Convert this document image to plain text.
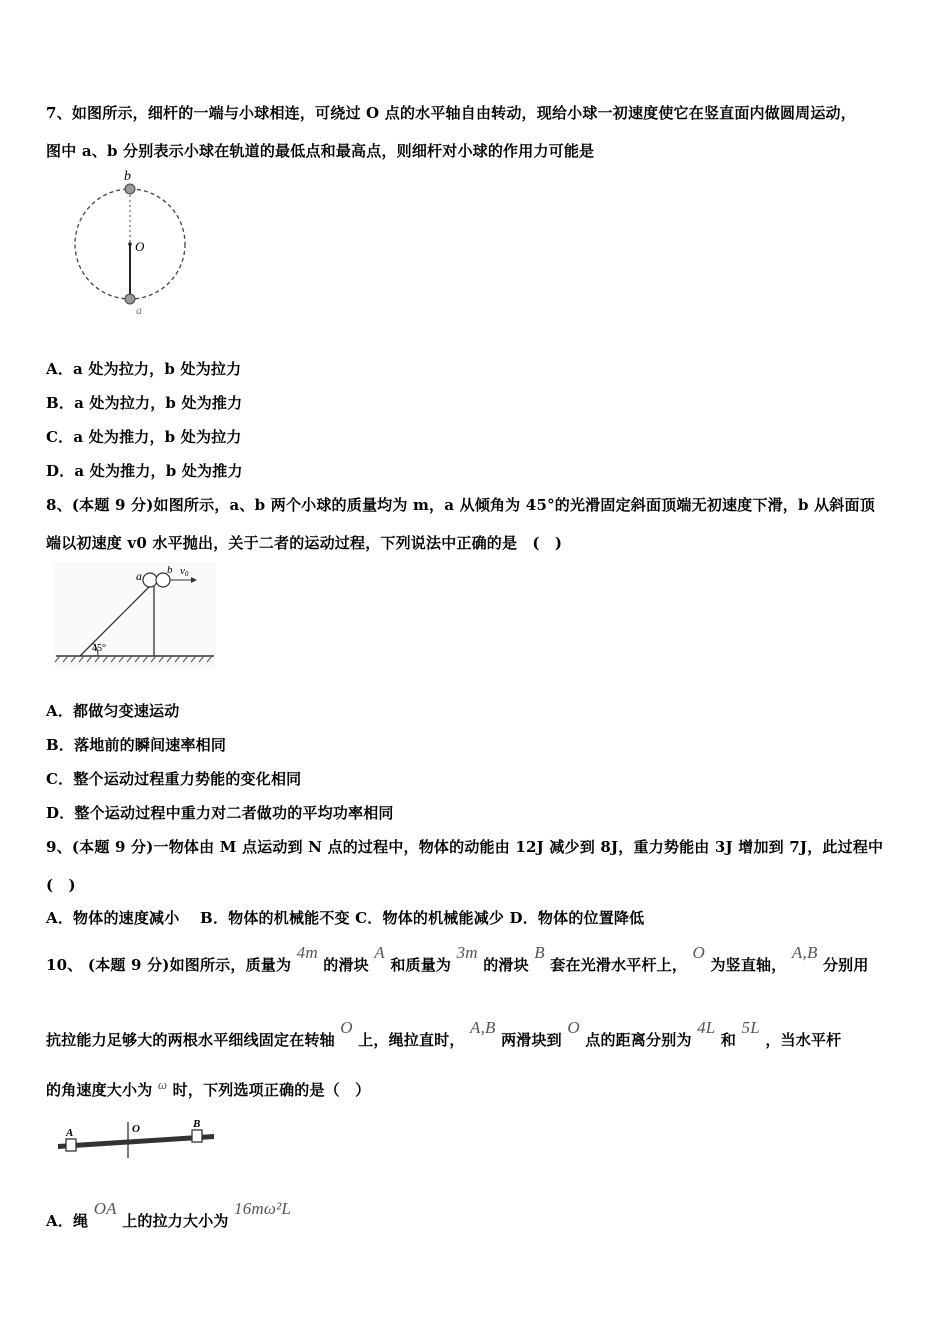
7、如图所示，细杆的一端与小球相连，可绕过 O 点的水平轴自由转动，现给小球一初速度使它在竖直面内做圆周运动，
图中 a、b 分别表示小球在轨道的最低点和最高点，则细杆对小球的作用力可能是
b
O
a
A．a 处为拉力，b 处为拉力
B．a 处为拉力，b 处为推力
C．a 处为推力，b 处为拉力
D．a 处为推力，b 处为推力
8、(本题 9 分)如图所示，a、b 两个小球的质量均为 m，a 从倾角为 45°的光滑固定斜面顶端无初速度下滑，b 从斜面顶
端以初速度 v0 水平抛出，关于二者的运动过程，下列说法中正确的是　(　)
45°
a b v0
A．都做匀变速运动
B．落地前的瞬间速率相同
C．整个运动过程重力势能的变化相同
D．整个运动过程中重力对二者做功的平均功率相同
9、(本题 9 分)一物体由 M 点运动到 N 点的过程中，物体的动能由 12J 减少到 8J，重力势能由 3J 增加到 7J，此过程中
(　)
A．物体的速度减小　 B．物体的机械能不变 C．物体的机械能减少 D．物体的位置降低
10、 (本题 9 分)如图所示，质量为 4m 的滑块 A 和质量为 3m 的滑块 B 套在光滑水平杆上， O 为竖直轴， A,B 分别用
抗拉能力足够大的两根水平细线固定在转轴 O 上，绳拉直时， A,B 两滑块到 O 点的距离分别为 4L 和 5L ，当水平杆
的角速度大小为 ω 时，下列选项正确的是（　）
A	O	B
A．绳 OA 上的拉力大小为 16mω²L
